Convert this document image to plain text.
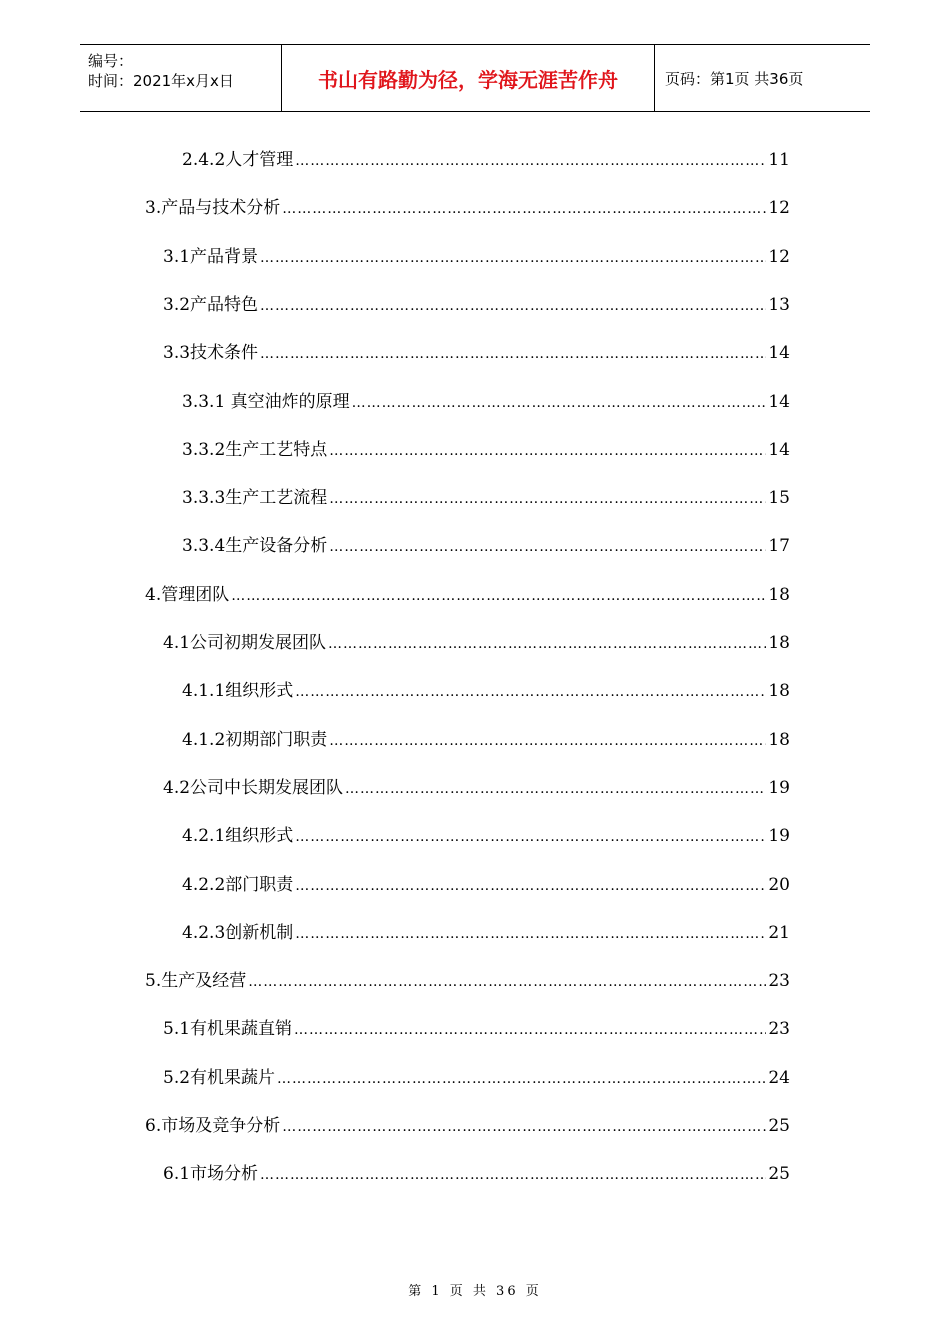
编号：
时间：2021年x月x日	书山有路勤为径，学海无涯苦作舟	页码：第1页 共36页
2.4.2人才管理 ………………………………………………………………………………………………………………………………………	11
3.产品与技术分析 ………………………………………………………………………………………………………………………………………	12
3.1产品背景 ………………………………………………………………………………………………………………………………………	12
3.2产品特色 ………………………………………………………………………………………………………………………………………	13
3.3技术条件 ………………………………………………………………………………………………………………………………………	14
3.3.1 真空油炸的原理 ………………………………………………………………………………………………………………………………………	14
3.3.2生产工艺特点 ………………………………………………………………………………………………………………………………………	14
3.3.3生产工艺流程 ………………………………………………………………………………………………………………………………………	15
3.3.4生产设备分析 ………………………………………………………………………………………………………………………………………	17
4.管理团队 ………………………………………………………………………………………………………………………………………	18
4.1公司初期发展团队 ………………………………………………………………………………………………………………………………………	18
4.1.1组织形式 ………………………………………………………………………………………………………………………………………	18
4.1.2初期部门职责 ………………………………………………………………………………………………………………………………………	18
4.2公司中长期发展团队 ………………………………………………………………………………………………………………………………………	19
4.2.1组织形式 ………………………………………………………………………………………………………………………………………	19
4.2.2部门职责 ………………………………………………………………………………………………………………………………………	20
4.2.3创新机制 ………………………………………………………………………………………………………………………………………	21
5.生产及经营 ………………………………………………………………………………………………………………………………………	23
5.1有机果蔬直销 ………………………………………………………………………………………………………………………………………	23
5.2有机果蔬片 ………………………………………………………………………………………………………………………………………	24
6.市场及竞争分析 ………………………………………………………………………………………………………………………………………	25
6.1市场分析 ………………………………………………………………………………………………………………………………………	25
第 1 页 共 36 页
